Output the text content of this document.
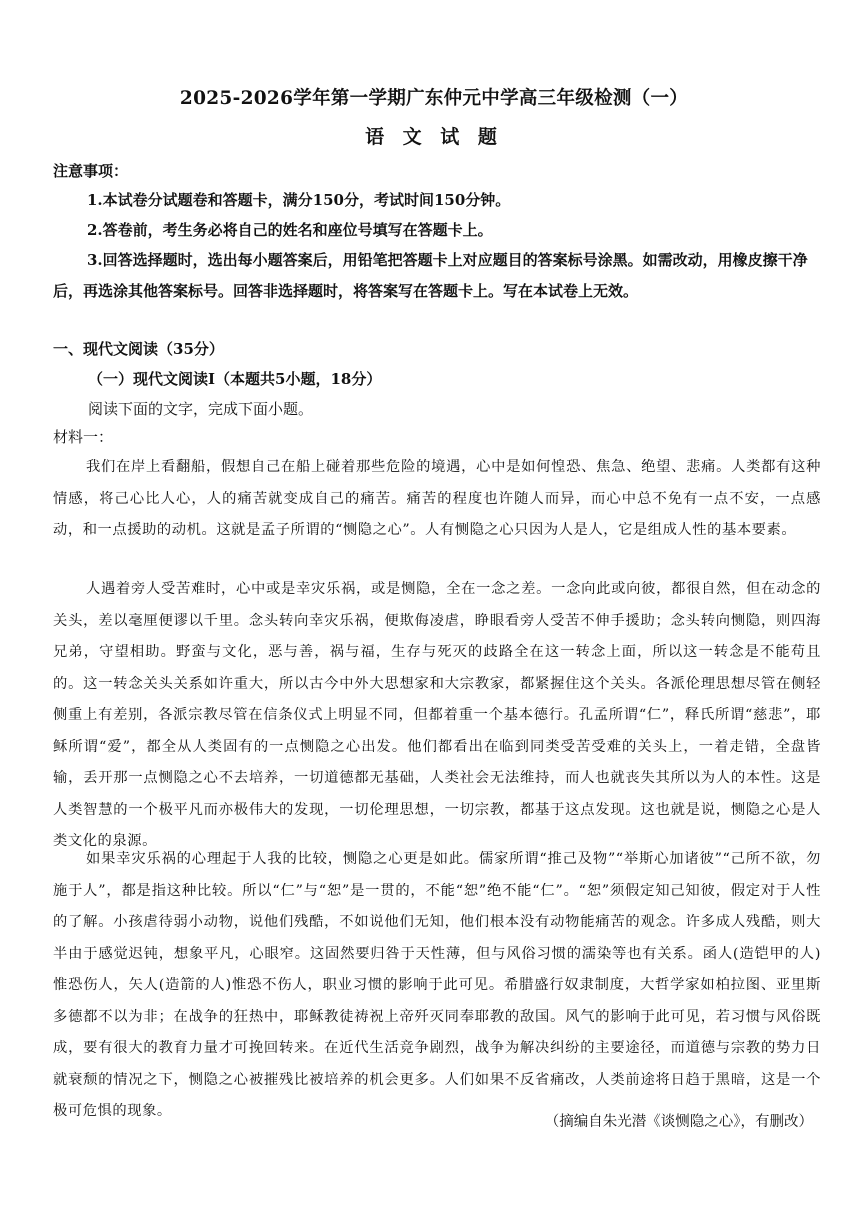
2025-2026学年第一学期广东仲元中学高三年级检测（一）
语 文 试 题
注意事项：
1.本试卷分试题卷和答题卡，满分150分，考试时间150分钟。
2.答卷前，考生务必将自己的姓名和座位号填写在答题卡上。
3.回答选择题时，选出每小题答案后，用铅笔把答题卡上对应题目的答案标号涂黑。如需改动，用橡皮擦干净后，再选涂其他答案标号。回答非选择题时，将答案写在答题卡上。写在本试卷上无效。
一、现代文阅读（35分）
（一）现代文阅读Ⅰ（本题共5小题，18分）
阅读下面的文字，完成下面小题。
材料一：
我们在岸上看翻船，假想自己在船上碰着那些危险的境遇，心中是如何惶恐、焦急、绝望、悲痛。人类都有这种情感，将己心比人心，人的痛苦就变成自己的痛苦。痛苦的程度也许随人而异，而心中总不免有一点不安，一点感动，和一点援助的动机。这就是孟子所谓的“恻隐之心”。人有恻隐之心只因为人是人，它是组成人性的基本要素。
人遇着旁人受苦难时，心中或是幸灾乐祸，或是恻隐，全在一念之差。一念向此或向彼，都很自然，但在动念的关头，差以毫厘便谬以千里。念头转向幸灾乐祸，便欺侮凌虐，睁眼看旁人受苦不伸手援助；念头转向恻隐，则四海兄弟，守望相助。野蛮与文化，恶与善，祸与福，生存与死灭的歧路全在这一转念上面，所以这一转念是不能苟且的。这一转念关头关系如许重大，所以古今中外大思想家和大宗教家，都紧握住这个关头。各派伦理思想尽管在侧轻侧重上有差别，各派宗教尽管在信条仪式上明显不同，但都着重一个基本德行。孔孟所谓“仁”，释氏所谓“慈悲”，耶稣所谓“爱”，都全从人类固有的一点恻隐之心出发。他们都看出在临到同类受苦受难的关头上，一着走错，全盘皆输，丢开那一点恻隐之心不去培养，一切道德都无基础，人类社会无法维持，而人也就丧失其所以为人的本性。这是人类智慧的一个极平凡而亦极伟大的发现，一切伦理思想，一切宗教，都基于这点发现。这也就是说，恻隐之心是人类文化的泉源。
如果幸灾乐祸的心理起于人我的比较，恻隐之心更是如此。儒家所谓“推己及物”“举斯心加诸彼”“己所不欲，勿施于人”，都是指这种比较。所以“仁”与“恕”是一贯的，不能“恕”绝不能“仁”。“恕”须假定知己知彼，假定对于人性的了解。小孩虐待弱小动物，说他们残酷，不如说他们无知，他们根本没有动物能痛苦的观念。许多成人残酷，则大半由于感觉迟钝，想象平凡，心眼窄。这固然要归咎于天性薄，但与风俗习惯的濡染等也有关系。函人(造铠甲的人)惟恐伤人，矢人(造箭的人)惟恐不伤人，职业习惯的影响于此可见。希腊盛行奴隶制度，大哲学家如柏拉图、亚里斯多德都不以为非；在战争的狂热中，耶稣教徒祷祝上帝歼灭同奉耶教的敌国。风气的影响于此可见，若习惯与风俗既成，要有很大的教育力量才可挽回转来。在近代生活竞争剧烈，战争为解决纠纷的主要途径，而道德与宗教的势力日就衰颓的情况之下，恻隐之心被摧残比被培养的机会更多。人们如果不反省痛改，人类前途将日趋于黑暗，这是一个极可危惧的现象。
（摘编自朱光潜《谈恻隐之心》，有删改）
